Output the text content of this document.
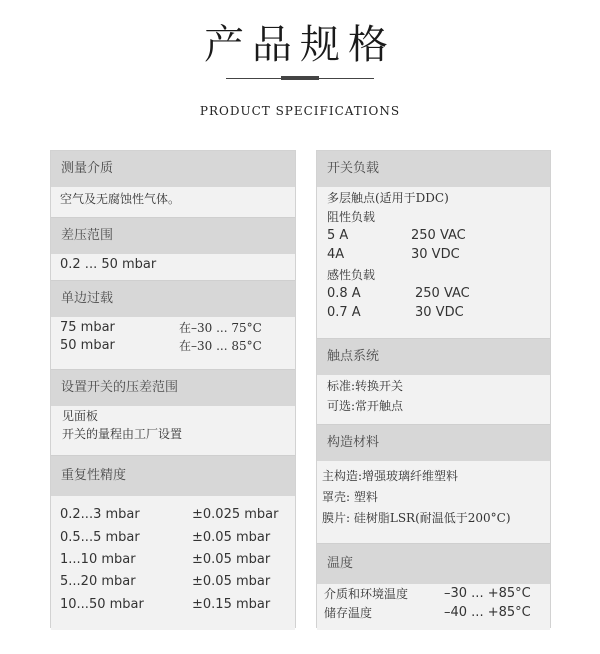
产品规格
PRODUCT SPECIFICATIONS
测量介质
空气及无腐蚀性气体。
差压范围
0.2 ... 50 mbar
单边过载
75 mbar	在–30 ... 75°C
50 mbar	在–30 ... 85°C
设置开关的压差范围
见面板
开关的量程由工厂设置
重复性精度
0.2...3 mbar	±0.025 mbar
0.5...5 mbar	±0.05 mbar
1...10 mbar	±0.05 mbar
5...20 mbar	±0.05 mbar
10...50 mbar	±0.15 mbar
开关负载
多层触点(适用于DDC)
阻性负载
5 A	250 VAC
4A	30 VDC
感性负载
0.8 A	250 VAC
0.7 A	30 VDC
触点系统
标准:转换开关
可选:常开触点
构造材料
主构造:增强玻璃纤维塑料
罩壳: 塑料
膜片: 硅树脂LSR(耐温低于200°C)
温度
介质和环境温度	–30 ... +85°C
储存温度	–40 ... +85°C
